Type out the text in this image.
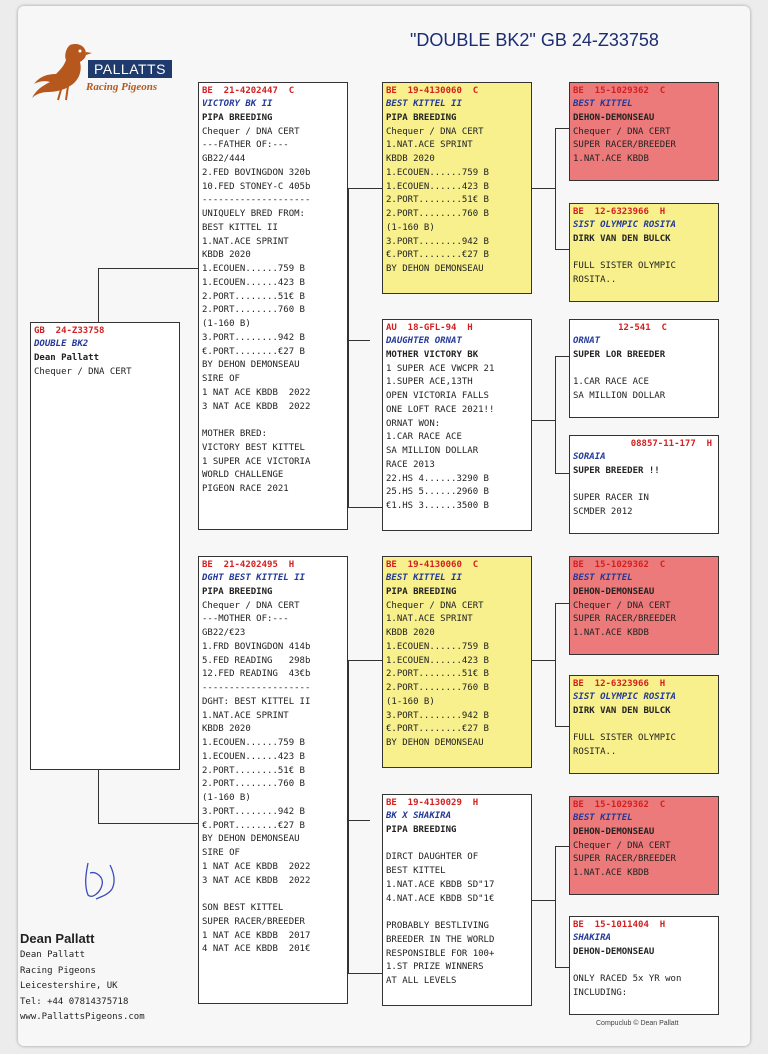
"DOUBLE BK2" GB 24-Z33758
PALLATTS
Racing Pigeons
GB  24-Z33758
DOUBLE BK2
Dean Pallatt
Chequer / DNA CERT
BE  21-4202447  C
VICTORY BK II
PIPA BREEDING
Chequer / DNA CERT
---FATHER OF:---
GB22/444
2.FED BOVINGDON 320b
10.FED STONEY-C 405b
--------------------
UNIQUELY BRED FROM:
BEST KITTEL II
1.NAT.ACE SPRINT
KBDB 2020
1.ECOUEN......759 B
1.ECOUEN......423 B
2.PORT........51€ B
2.PORT........760 B
(1-160 B)
3.PORT........942 B
€.PORT........€27 B
BY DEHON DEMONSEAU
SIRE OF
1 NAT ACE KBDB  2022
3 NAT ACE KBDB  2022

MOTHER BRED:
VICTORY BEST KITTEL
1 SUPER ACE VICTORIA
WORLD CHALLENGE
PIGEON RACE 2021
BE  21-4202495  H
DGHT BEST KITTEL II
PIPA BREEDING
Chequer / DNA CERT
---MOTHER OF:---
GB22/€23
1.FRD BOVINGDON 414b
5.FED READING   298b
12.FED READING  43€b
--------------------
DGHT: BEST KITTEL II
1.NAT.ACE SPRINT
KBDB 2020
1.ECOUEN......759 B
1.ECOUEN......423 B
2.PORT........51€ B
2.PORT........760 B
(1-160 B)
3.PORT........942 B
€.PORT........€27 B
BY DEHON DEMONSEAU
SIRE OF
1 NAT ACE KBDB  2022
3 NAT ACE KBDB  2022

SON BEST KITTEL
SUPER RACER/BREEDER
1 NAT ACE KBDB  2017
4 NAT ACE KBDB  201€
BE  19-4130060  C
BEST KITTEL II
PIPA BREEDING
Chequer / DNA CERT
1.NAT.ACE SPRINT
KBDB 2020
1.ECOUEN......759 B
1.ECOUEN......423 B
2.PORT........51€ B
2.PORT........760 B
(1-160 B)
3.PORT........942 B
€.PORT........€27 B
BY DEHON DEMONSEAU
AU  18-GFL-94  H
DAUGHTER ORNAT
MOTHER VICTORY BK
1 SUPER ACE VWCPR 21
1.SUPER ACE,13TH
OPEN VICTORIA FALLS
ONE LOFT RACE 2021!!
ORNAT WON:
1.CAR RACE ACE
SA MILLION DOLLAR
RACE 2013
22.HS 4......3290 B
25.HS 5......2960 B
€1.HS 3......3500 B
BE  19-4130060  C
BEST KITTEL II
PIPA BREEDING
Chequer / DNA CERT
1.NAT.ACE SPRINT
KBDB 2020
1.ECOUEN......759 B
1.ECOUEN......423 B
2.PORT........51€ B
2.PORT........760 B
(1-160 B)
3.PORT........942 B
€.PORT........€27 B
BY DEHON DEMONSEAU
BE  19-4130029  H
BK X SHAKIRA
PIPA BREEDING

DIRCT DAUGHTER OF
BEST KITTEL
1.NAT.ACE KBDB SD"17
4.NAT.ACE KBDB SD"1€

PROBABLY BESTLIVING
BREEDER IN THE WORLD
RESPONSIBLE FOR 100+
1.ST PRIZE WINNERS
AT ALL LEVELS
BE  15-1029362  C
BEST KITTEL
DEHON-DEMONSEAU
Chequer / DNA CERT
SUPER RACER/BREEDER
1.NAT.ACE KBDB
BE  12-6323966  H
SIST OLYMPIC ROSITA
DIRK VAN DEN BULCK

FULL SISTER OLYMPIC
ROSITA..
12-541  C
ORNAT
SUPER LOR BREEDER

1.CAR RACE ACE
SA MILLION DOLLAR
08857-11-177  H
SORAIA
SUPER BREEDER !!

SUPER RACER IN
SCMDER 2012
BE  15-1029362  C
BEST KITTEL
DEHON-DEMONSEAU
Chequer / DNA CERT
SUPER RACER/BREEDER
1.NAT.ACE KBDB
BE  12-6323966  H
SIST OLYMPIC ROSITA
DIRK VAN DEN BULCK

FULL SISTER OLYMPIC
ROSITA..
BE  15-1029362  C
BEST KITTEL
DEHON-DEMONSEAU
Chequer / DNA CERT
SUPER RACER/BREEDER
1.NAT.ACE KBDB
BE  15-1011404  H
SHAKIRA
DEHON-DEMONSEAU

ONLY RACED 5x YR won
INCLUDING:
Dean Pallatt
Dean Pallatt
Racing Pigeons
Leicestershire, UK
Tel: +44 07814375718
www.PallattsPigeons.com
Compuclub © Dean Pallatt
